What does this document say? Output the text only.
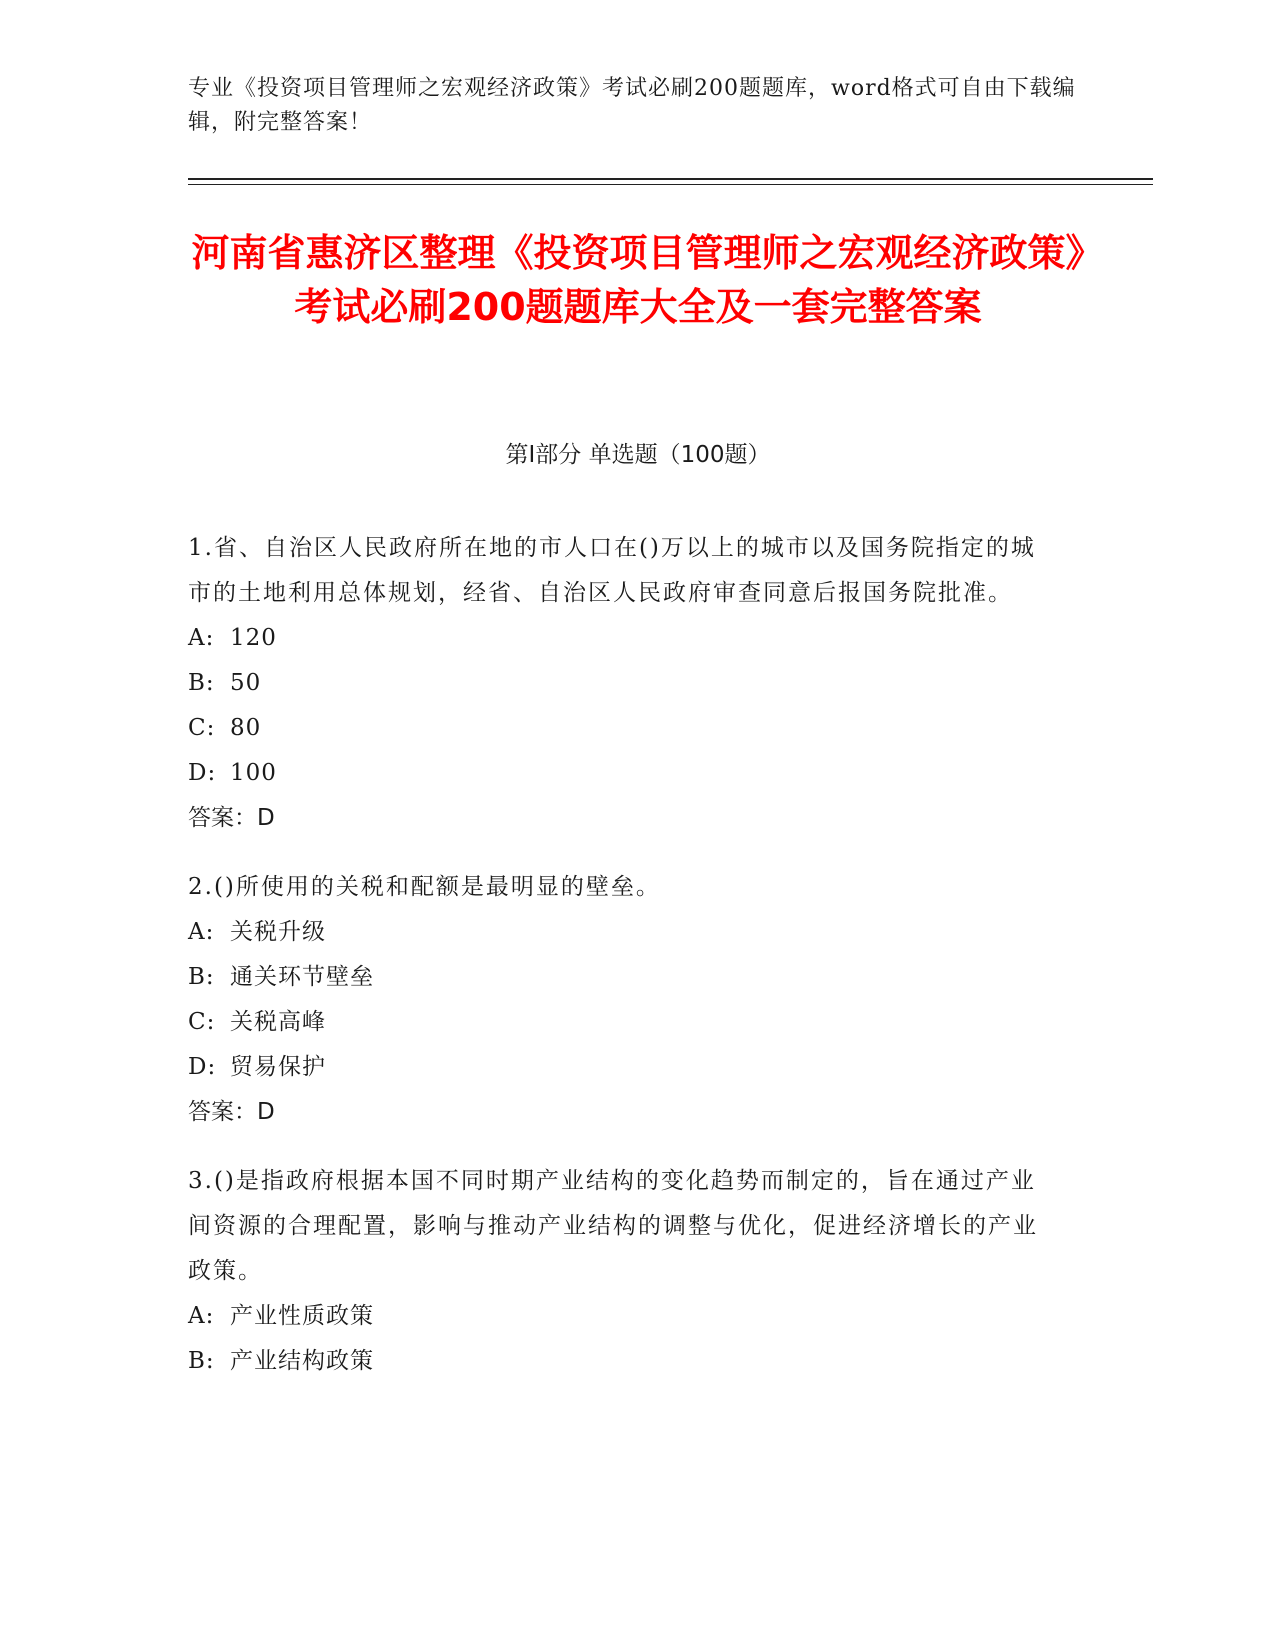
专业《投资项目管理师之宏观经济政策》考试必刷200题题库，word格式可自由下载编辑，附完整答案！
河南省惠济区整理《投资项目管理师之宏观经济政策》考试必刷200题题库大全及一套完整答案
第Ⅰ部分 单选题（100题）

1.省、自治区人民政府所在地的市人口在()万以上的城市以及国务院指定的城市的土地利用总体规划，经省、自治区人民政府审查同意后报国务院批准。

A: 120

B: 50

C: 80

D: 100

答案：D

2.()所使用的关税和配额是最明显的壁垒。

A: 关税升级

B: 通关环节壁垒

C: 关税高峰

D: 贸易保护

答案：D

3.()是指政府根据本国不同时期产业结构的变化趋势而制定的，旨在通过产业间资源的合理配置，影响与推动产业结构的调整与优化，促进经济增长的产业政策。

A: 产业性质政策

B: 产业结构政策
